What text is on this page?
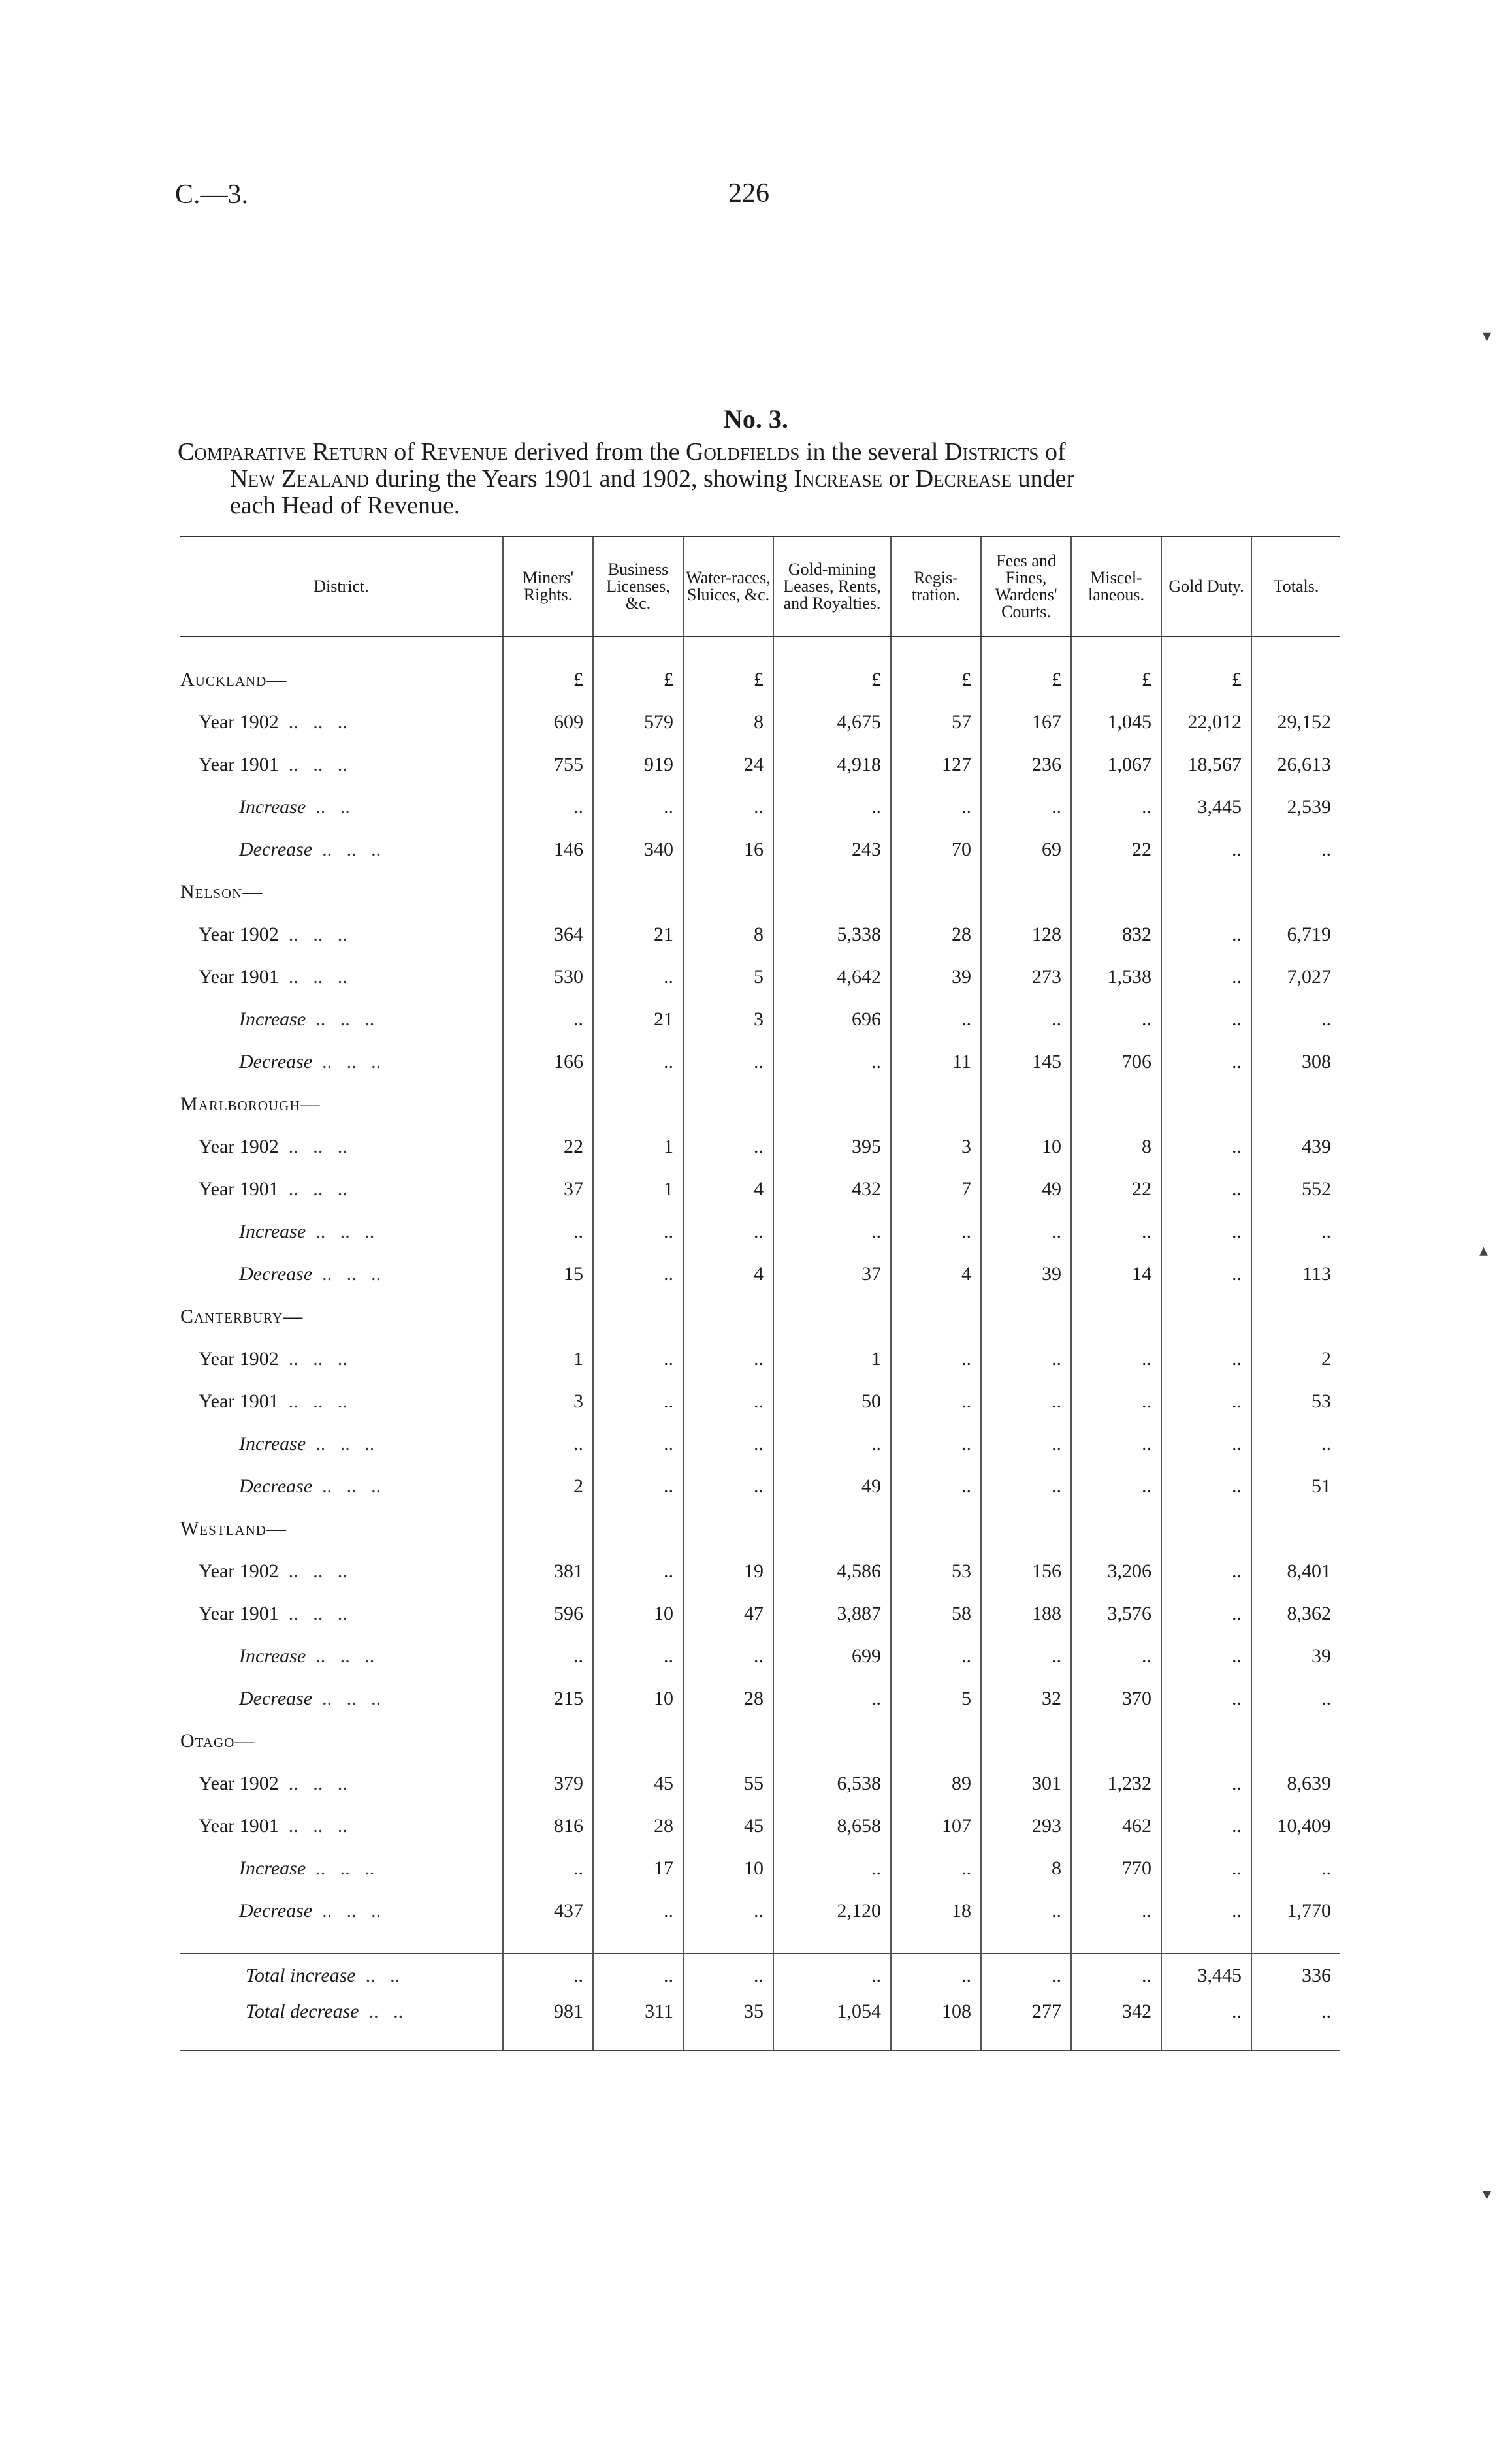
C.—3.	226
No. 3.
Comparative Return of Revenue derived from the Goldfields in the several Districts of
New Zealand during the Years 1901 and 1902, showing Increase or Decrease under
each Head of Revenue.
District.	Miners' Rights.	Business Licenses, &c.	Water-races, Sluices, &c.	Gold-mining Leases, Rents, and Royalties.	Regis-tration.	Fees and Fines, Wardens' Courts.	Miscel-laneous.	Gold Duty.	Totals.

Auckland—	£	£	£	£	£	£	£	£	
Year 1902  ..   ..   ..	609	579	8	4,675	57	167	1,045	22,012	29,152
Year 1901  ..   ..   ..	755	919	24	4,918	127	236	1,067	18,567	26,613
Increase  ..   ..	..	..	..	..	..	..	..	3,445	2,539
Decrease  ..   ..   ..	146	340	16	243	70	69	22	..	..
Nelson—									
Year 1902  ..   ..   ..	364	21	8	5,338	28	128	832	..	6,719
Year 1901  ..   ..   ..	530	..	5	4,642	39	273	1,538	..	7,027
Increase  ..   ..   ..	..	21	3	696	..	..	..	..	..
Decrease  ..   ..   ..	166	..	..	..	11	145	706	..	308
Marlborough—									
Year 1902  ..   ..   ..	22	1	..	395	3	10	8	..	439
Year 1901  ..   ..   ..	37	1	4	432	7	49	22	..	552
Increase  ..   ..   ..	..	..	..	..	..	..	..	..	..
Decrease  ..   ..   ..	15	..	4	37	4	39	14	..	113
Canterbury—									
Year 1902  ..   ..   ..	1	..	..	1	..	..	..	..	2
Year 1901  ..   ..   ..	3	..	..	50	..	..	..	..	53
Increase  ..   ..   ..	..	..	..	..	..	..	..	..	..
Decrease  ..   ..   ..	2	..	..	49	..	..	..	..	51
Westland—									
Year 1902  ..   ..   ..	381	..	19	4,586	53	156	3,206	..	8,401
Year 1901  ..   ..   ..	596	10	47	3,887	58	188	3,576	..	8,362
Increase  ..   ..   ..	..	..	..	699	..	..	..	..	39
Decrease  ..   ..   ..	215	10	28	..	5	32	370	..	..
Otago—									
Year 1902  ..   ..   ..	379	45	55	6,538	89	301	1,232	..	8,639
Year 1901  ..   ..   ..	816	28	45	8,658	107	293	462	..	10,409
Increase  ..   ..   ..	..	17	10	..	..	8	770	..	..
Decrease  ..   ..   ..	437	..	..	2,120	18	..	..	..	1,770

Total increase  ..   ..	..	..	..	..	..	..	..	3,445	336
Total decrease  ..   ..	981	311	35	1,054	108	277	342	..	..
▾
▴
▾
